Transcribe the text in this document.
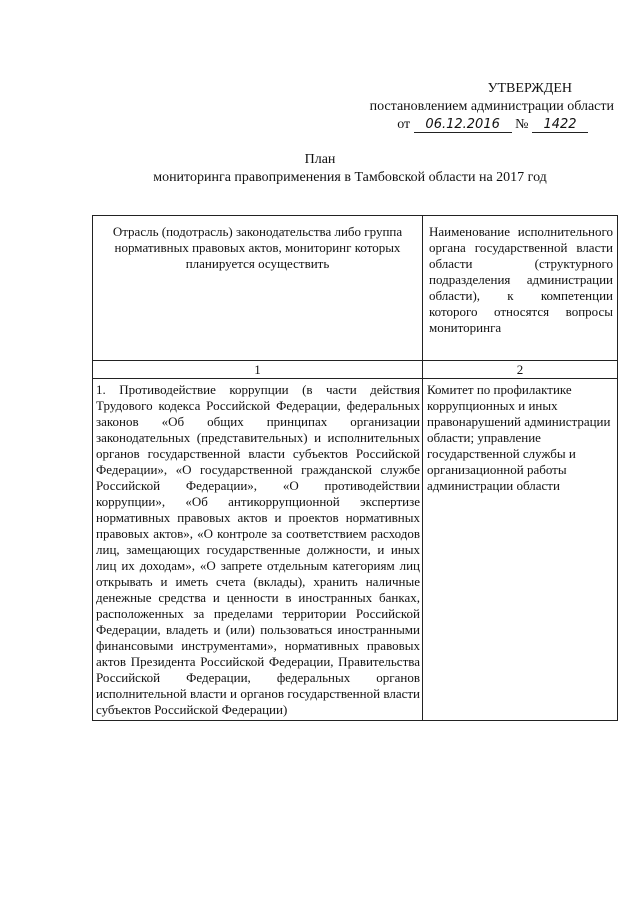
УТВЕРЖДЕН
постановлением администрации области
от 06.12.2016 № 1422
План
мониторинга правоприменения в Тамбовской области на 2017 год
Отрасль (подотрасль) законодательства либо группа нормативных правовых актов, мониторинг которых планируется осуществить	Наименование исполнительного органа государственной власти области (структурного подразделения администрации области), к компетенции которого относятся вопросы мониторинга
1	2
1. Противодействие коррупции (в части действия Трудового кодекса Российской Федерации, федеральных законов «Об общих принципах организации законодательных (представительных) и исполнительных органов государственной власти субъектов Российской Федерации», «О государственной гражданской службе Российской Федерации», «О противодействии коррупции», «Об антикоррупционной экспертизе нормативных правовых актов и проектов нормативных правовых актов», «О контроле за соответствием расходов лиц, замещающих государственные должности, и иных лиц их доходам», «О запрете отдельным категориям лиц открывать и иметь счета (вклады), хранить наличные денежные средства и ценности в иностранных банках, расположенных за пределами территории Российской Федерации, владеть и (или) пользоваться иностранными финансовыми инструментами», нормативных правовых актов Президента Российской Федерации, Правительства Российской Федерации, федеральных органов исполнительной власти и органов государственной власти субъектов Российской Федерации)	Комитет по профилактике коррупционных и иных правонарушений администрации области; управление государственной службы и организационной работы администрации области
